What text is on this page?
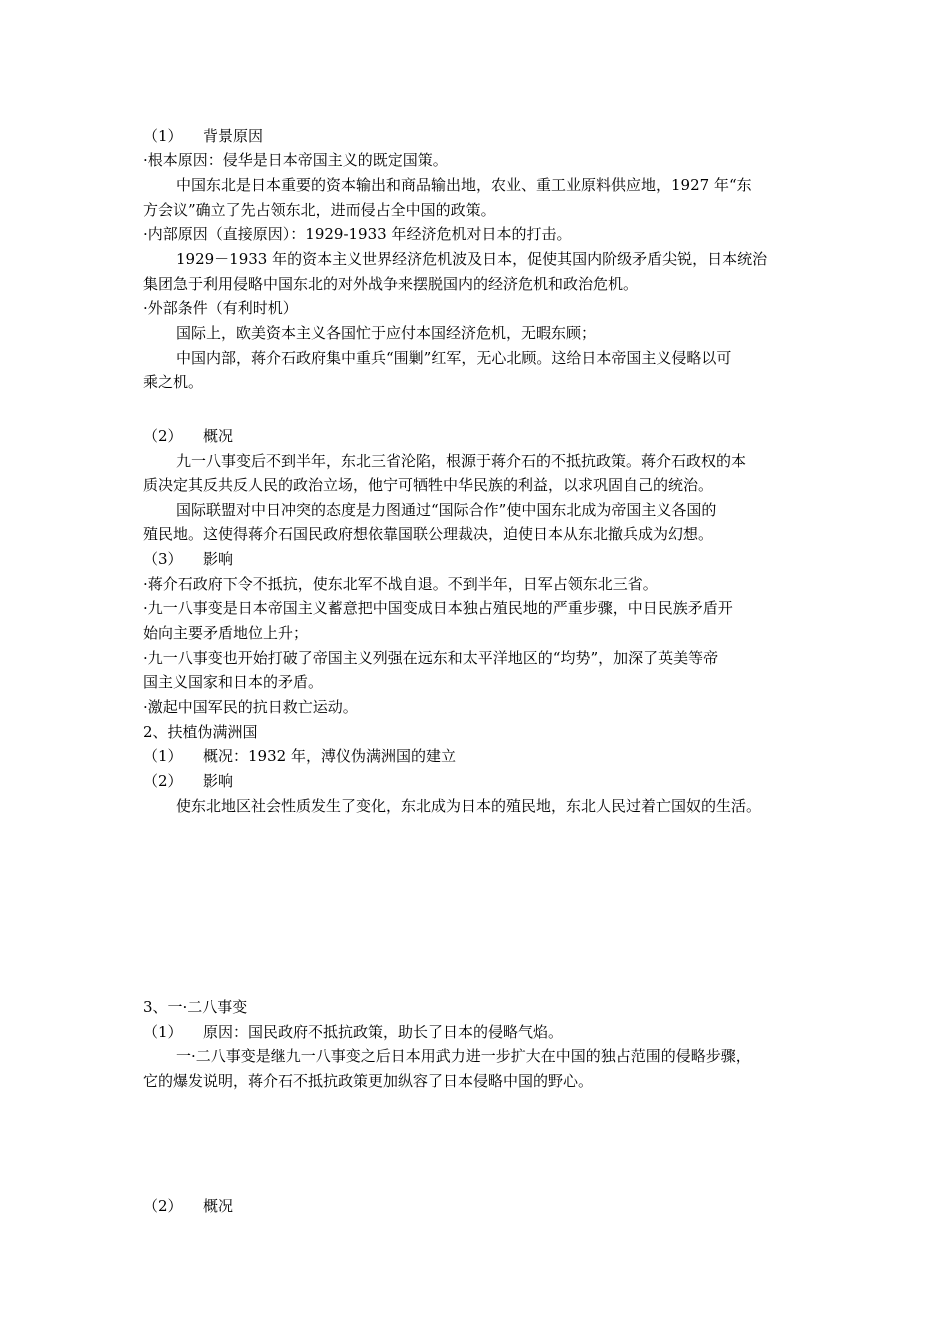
（1） 背景原因
·根本原因：侵华是日本帝国主义的既定国策。
中国东北是日本重要的资本输出和商品输出地，农业、重工业原料供应地，1927 年“东
方会议”确立了先占领东北，进而侵占全中国的政策。
·内部原因（直接原因）：1929-1933 年经济危机对日本的打击。
1929－1933 年的资本主义世界经济危机波及日本，促使其国内阶级矛盾尖锐，日本统治
集团急于利用侵略中国东北的对外战争来摆脱国内的经济危机和政治危机。
·外部条件（有利时机）
国际上，欧美资本主义各国忙于应付本国经济危机，无暇东顾；
中国内部，蒋介石政府集中重兵“围剿”红军，无心北顾。这给日本帝国主义侵略以可
乘之机。
（2） 概况
九一八事变后不到半年，东北三省沦陷，根源于蒋介石的不抵抗政策。蒋介石政权的本
质决定其反共反人民的政治立场，他宁可牺牲中华民族的利益，以求巩固自己的统治。
国际联盟对中日冲突的态度是力图通过“国际合作”使中国东北成为帝国主义各国的
殖民地。这使得蒋介石国民政府想依靠国联公理裁决，迫使日本从东北撤兵成为幻想。
（3） 影响
·蒋介石政府下令不抵抗，使东北军不战自退。不到半年，日军占领东北三省。
·九一八事变是日本帝国主义蓄意把中国变成日本独占殖民地的严重步骤，中日民族矛盾开
始向主要矛盾地位上升；
·九一八事变也开始打破了帝国主义列强在远东和太平洋地区的“均势”，加深了英美等帝
国主义国家和日本的矛盾。
·激起中国军民的抗日救亡运动。
2、扶植伪满洲国
（1） 概况：1932 年，溥仪伪满洲国的建立
（2） 影响
使东北地区社会性质发生了变化，东北成为日本的殖民地，东北人民过着亡国奴的生活。
3、一·二八事变
（1） 原因：国民政府不抵抗政策，助长了日本的侵略气焰。
一·二八事变是继九一八事变之后日本用武力进一步扩大在中国的独占范围的侵略步骤，
它的爆发说明，蒋介石不抵抗政策更加纵容了日本侵略中国的野心。
（2） 概况
